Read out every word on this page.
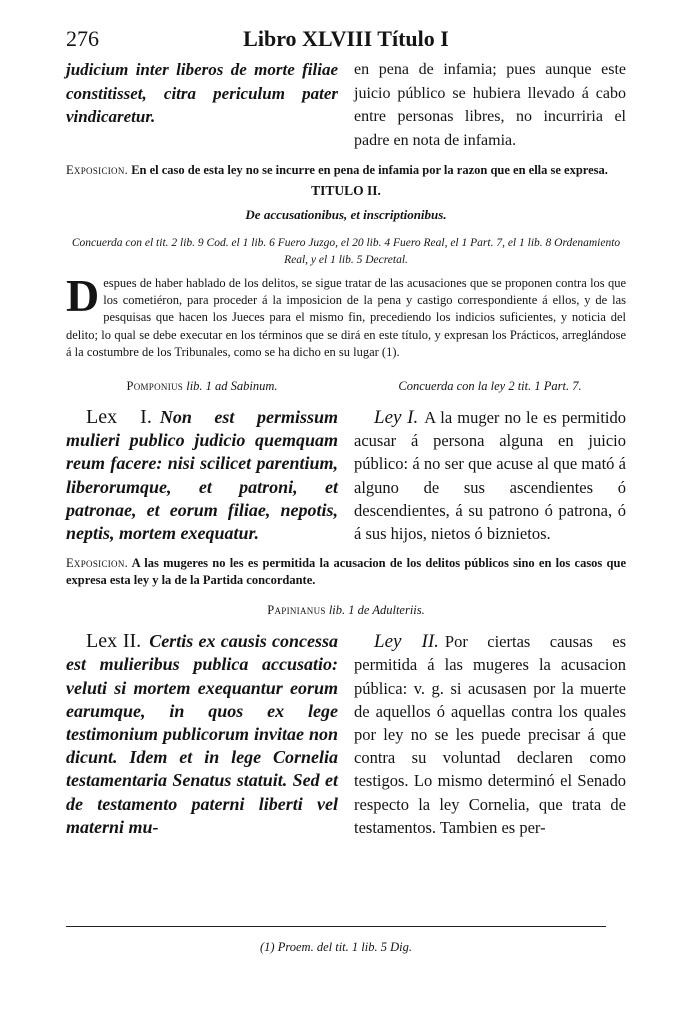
276	Libro XLVIII Título I
judicium inter liberos de morte filiae constitisset, citra periculum pater vindicaretur.
en pena de infamia; pues aunque este juicio público se hubiera llevado á cabo entre personas libres, no incurriria el padre en nota de infamia.
Exposicion. En el caso de esta ley no se incurre en pena de infamia por la razon que en ella se expresa.
TITULO II.
De accusationibus, et inscriptionibus.
Concuerda con el tit. 2 lib. 9 Cod. el 1 lib. 6 Fuero Juzgo, el 20 lib. 4 Fuero Real, el 1 Part. 7, el 1 lib. 8 Ordenamiento Real, y el 1 lib. 5 Decretal.
D espues de haber hablado de los delitos, se sigue tratar de las acusaciones que se proponen contra los que los cometiéron, para proceder á la imposicion de la pena y castigo correspondiente á ellos, y de las pesquisas que hacen los Jueces para el mismo fin, precediendo los indicios suficientes, y noticia del delito; lo qual se debe executar en los términos que se dirá en este título, y expresan los Prácticos, arreglándose á la costumbre de los Tribunales, como se ha dicho en su lugar (1).
Pomponius lib. 1 ad Sabinum.	Concuerda con la ley 2 tit. 1 Part. 7.
Lex I. Non est permissum mulieri publico judicio quemquam reum facere: nisi scilicet parentium, liberorumque, et patroni, et patronae, et eorum filiae, nepotis, neptis, mortem exequatur.
Ley I. A la muger no le es permitido acusar á persona alguna en juicio público: á no ser que acuse al que mató á alguno de sus ascendientes ó descendientes, á su patrono ó patrona, ó á sus hijos, nietos ó biznietos.
Exposicion. A las mugeres no les es permitida la acusacion de los delitos públicos sino en los casos que expresa esta ley y la de la Partida concordante.
Papinianus lib. 1 de Adulteriis.
Lex II. Certis ex causis concessa est mulieribus publica accusatio: veluti si mortem exequantur eorum earumque, in quos ex lege testimonium publicorum invitae non dicunt. Idem et in lege Cornelia testamentaria Senatus statuit. Sed et de testamento paterni liberti vel materni mu-
Ley II. Por ciertas causas es permitida á las mugeres la acusacion pública: v. g. si acusasen por la muerte de aquellos ó aquellas contra los quales por ley no se les puede precisar á que contra su voluntad declaren como testigos. Lo mismo determinó el Senado respecto la ley Cornelia, que trata de testamentos. Tambien es per-
(1) Proem. del tit. 1 lib. 5 Dig.
